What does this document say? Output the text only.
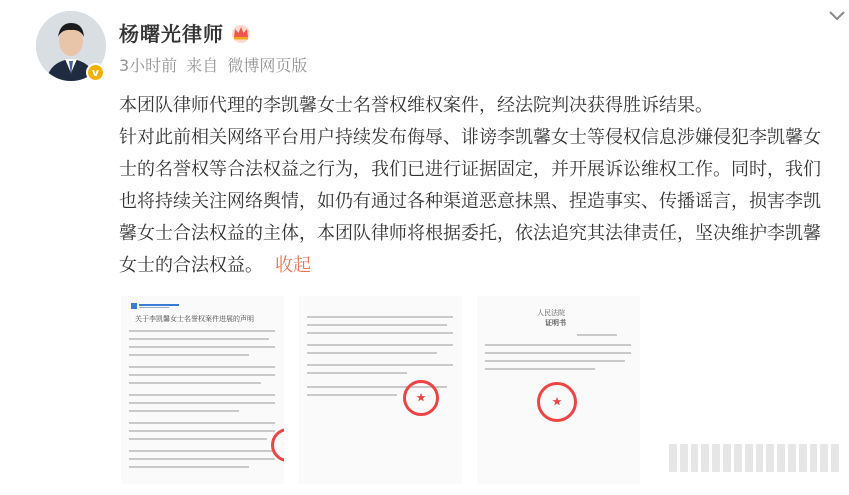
v
杨曙光律师
3小时前 来自 微博网页版

本团队律师代理的李凯馨女士名誉权维权案件，经法院判决获得胜诉结果。

针对此前相关网络平台用户持续发布侮辱、诽谤李凯馨女士等侵权信息涉嫌侵犯李凯馨女士的名誉权等合法权益之行为，我们已进行证据固定，并开展诉讼维权工作。同时，我们也将持续关注网络舆情，如仍有通过各种渠道恶意抹黑、捏造事实、传播谣言，损害李凯馨女士合法权益的主体，本团队律师将根据委托，依法追究其法律责任，坚决维护李凯馨女士的合法权益。 收起

关于李凯馨女士名誉权案件进展的声明
★
★
人民法院
证明书
★
